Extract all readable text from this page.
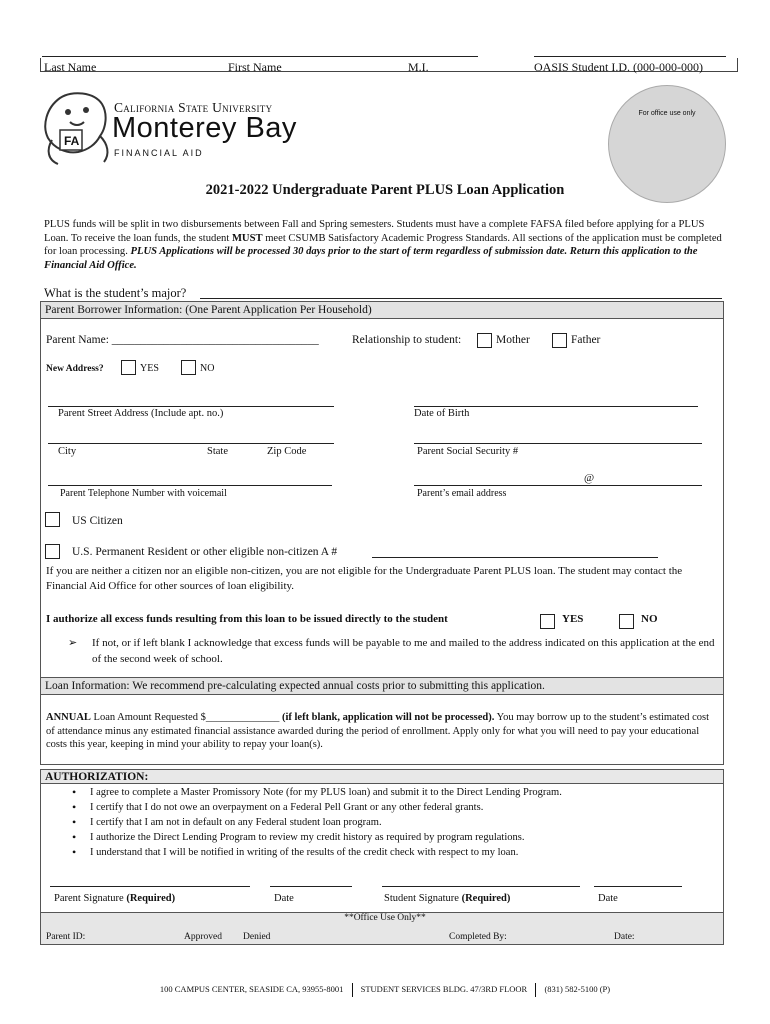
Last Name	First Name	M.I.	OASIS Student I.D. (000-000-000)
FA
California State University
Monterey Bay
FINANCIAL AID
For office use only
2021-2022 Undergraduate Parent PLUS Loan Application

PLUS funds will be split in two disbursements between Fall and Spring semesters. Students must have a complete FAFSA filed before applying for a PLUS Loan. To receive the loan funds, the student MUST meet CSUMB Satisfactory Academic Progress Standards. All sections of the application must be completed for loan processing. PLUS Applications will be processed 30 days prior to the start of term regardless of submission date. Return this application to the Financial Aid Office.

What is the student’s major?
Parent Borrower Information: (One Parent Application Per Household)
Parent Name: ____________________________________	Relationship to student:	Mother	Father
New Address?	YES	NO
Parent Street Address (Include apt. no.)	Date of Birth
City	State	Zip Code	Parent Social Security #
@
Parent Telephone Number with voicemail	Parent’s email address
US Citizen
U.S. Permanent Resident or other eligible non-citizen A #

If you are neither a citizen nor an eligible non-citizen, you are not eligible for the Undergraduate Parent PLUS loan. The student may contact the Financial Aid Office for other sources of loan eligibility.

I authorize all excess funds resulting from this loan to be issued directly to the student	YES	NO
➢ If not, or if left blank I acknowledge that excess funds will be payable to me and mailed to the address indicated on this application at the end of the second week of school.

Loan Information: We recommend pre-calculating expected annual costs prior to submitting this application.

ANNUAL Loan Amount Requested $______________ (if left blank, application will not be processed). You may borrow up to the student’s estimated cost of attendance minus any estimated financial assistance awarded during the period of enrollment. Apply only for what you will need to pay your educational costs this year, keeping in mind your ability to repay your loan(s).

AUTHORIZATION:
• I agree to complete a Master Promissory Note (for my PLUS loan) and submit it to the Direct Lending Program.
• I certify that I do not owe an overpayment on a Federal Pell Grant or any other federal grants.
• I certify that I am not in default on any Federal student loan program.
• I authorize the Direct Lending Program to review my credit history as required by program regulations.
• I understand that I will be notified in writing of the results of the credit check with respect to my loan.
Parent Signature (Required)	Date	Student Signature (Required)	Date
**Office Use Only**
Parent ID:	Approved Denied	Completed By:	Date:
100 CAMPUS CENTER, SEASIDE CA, 93955-8001 STUDENT SERVICES BLDG. 47/3RD FLOOR (831) 582-5100 (P)
